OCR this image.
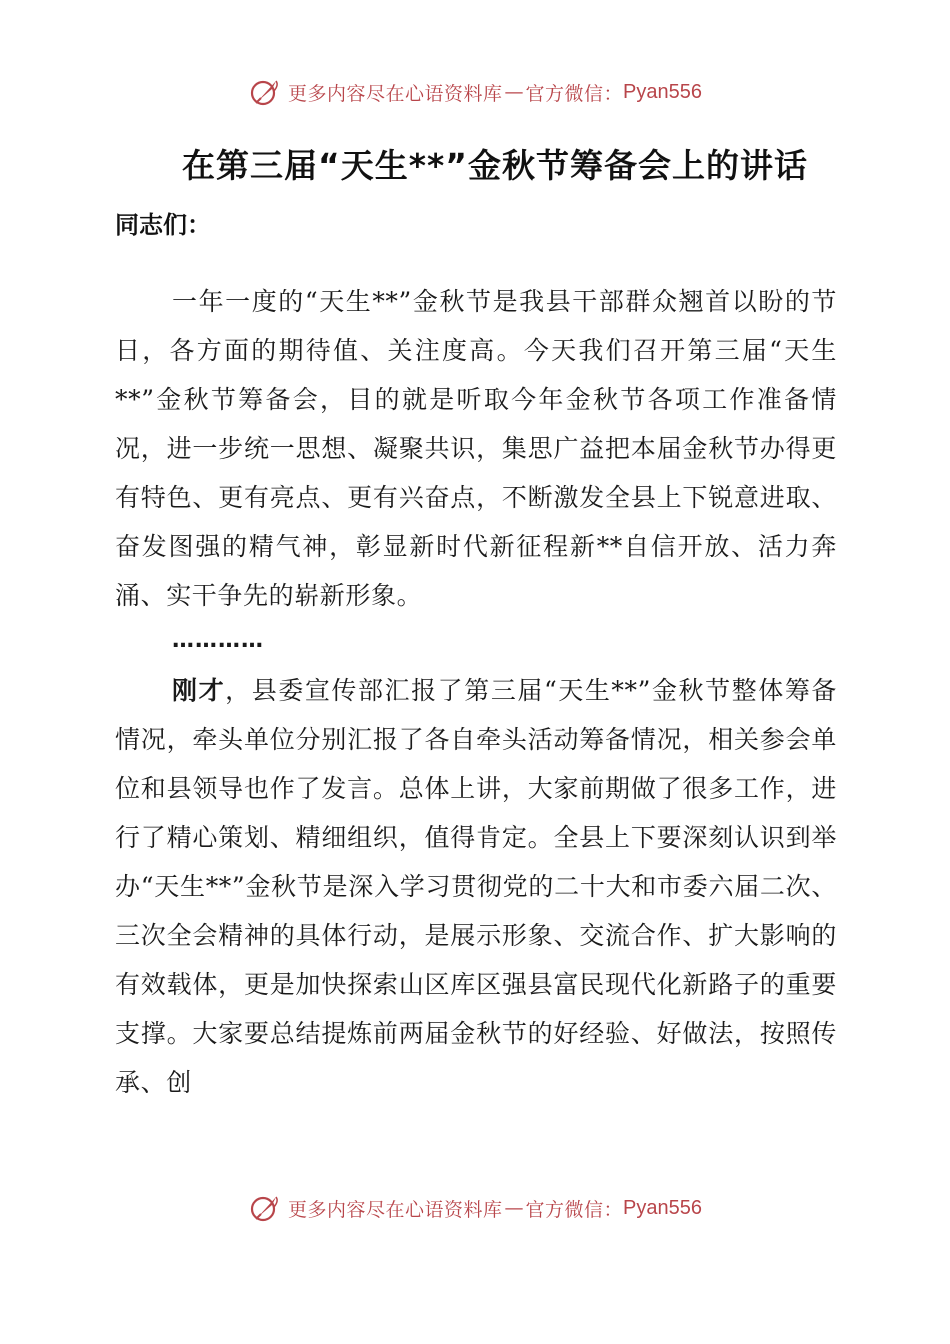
更多内容尽在心语资料库 — 官方微信： Pyan556
在第三届“天生**”金秋节筹备会上的讲话
同志们：
一年一度的“天生**”金秋节是我县干部群众翘首以盼的节日，各方面的期待值、关注度高。今天我们召开第三届“天生**”金秋节筹备会，目的就是听取今年金秋节各项工作准备情况，进一步统一思想、凝聚共识，集思广益把本届金秋节办得更有特色、更有亮点、更有兴奋点，不断激发全县上下锐意进取、奋发图强的精气神，彰显新时代新征程新**自信开放、活力奔涌、实干争先的崭新形象。
…………
刚才，县委宣传部汇报了第三届“天生**”金秋节整体筹备情况，牵头单位分别汇报了各自牵头活动筹备情况，相关参会单位和县领导也作了发言。总体上讲，大家前期做了很多工作，进行了精心策划、精细组织，值得肯定。全县上下要深刻认识到举办“天生**”金秋节是深入学习贯彻党的二十大和市委六届二次、三次全会精神的具体行动，是展示形象、交流合作、扩大影响的有效载体，更是加快探索山区库区强县富民现代化新路子的重要支撑。大家要总结提炼前两届金秋节的好经验、好做法，按照传承、创
更多内容尽在心语资料库 — 官方微信： Pyan556
